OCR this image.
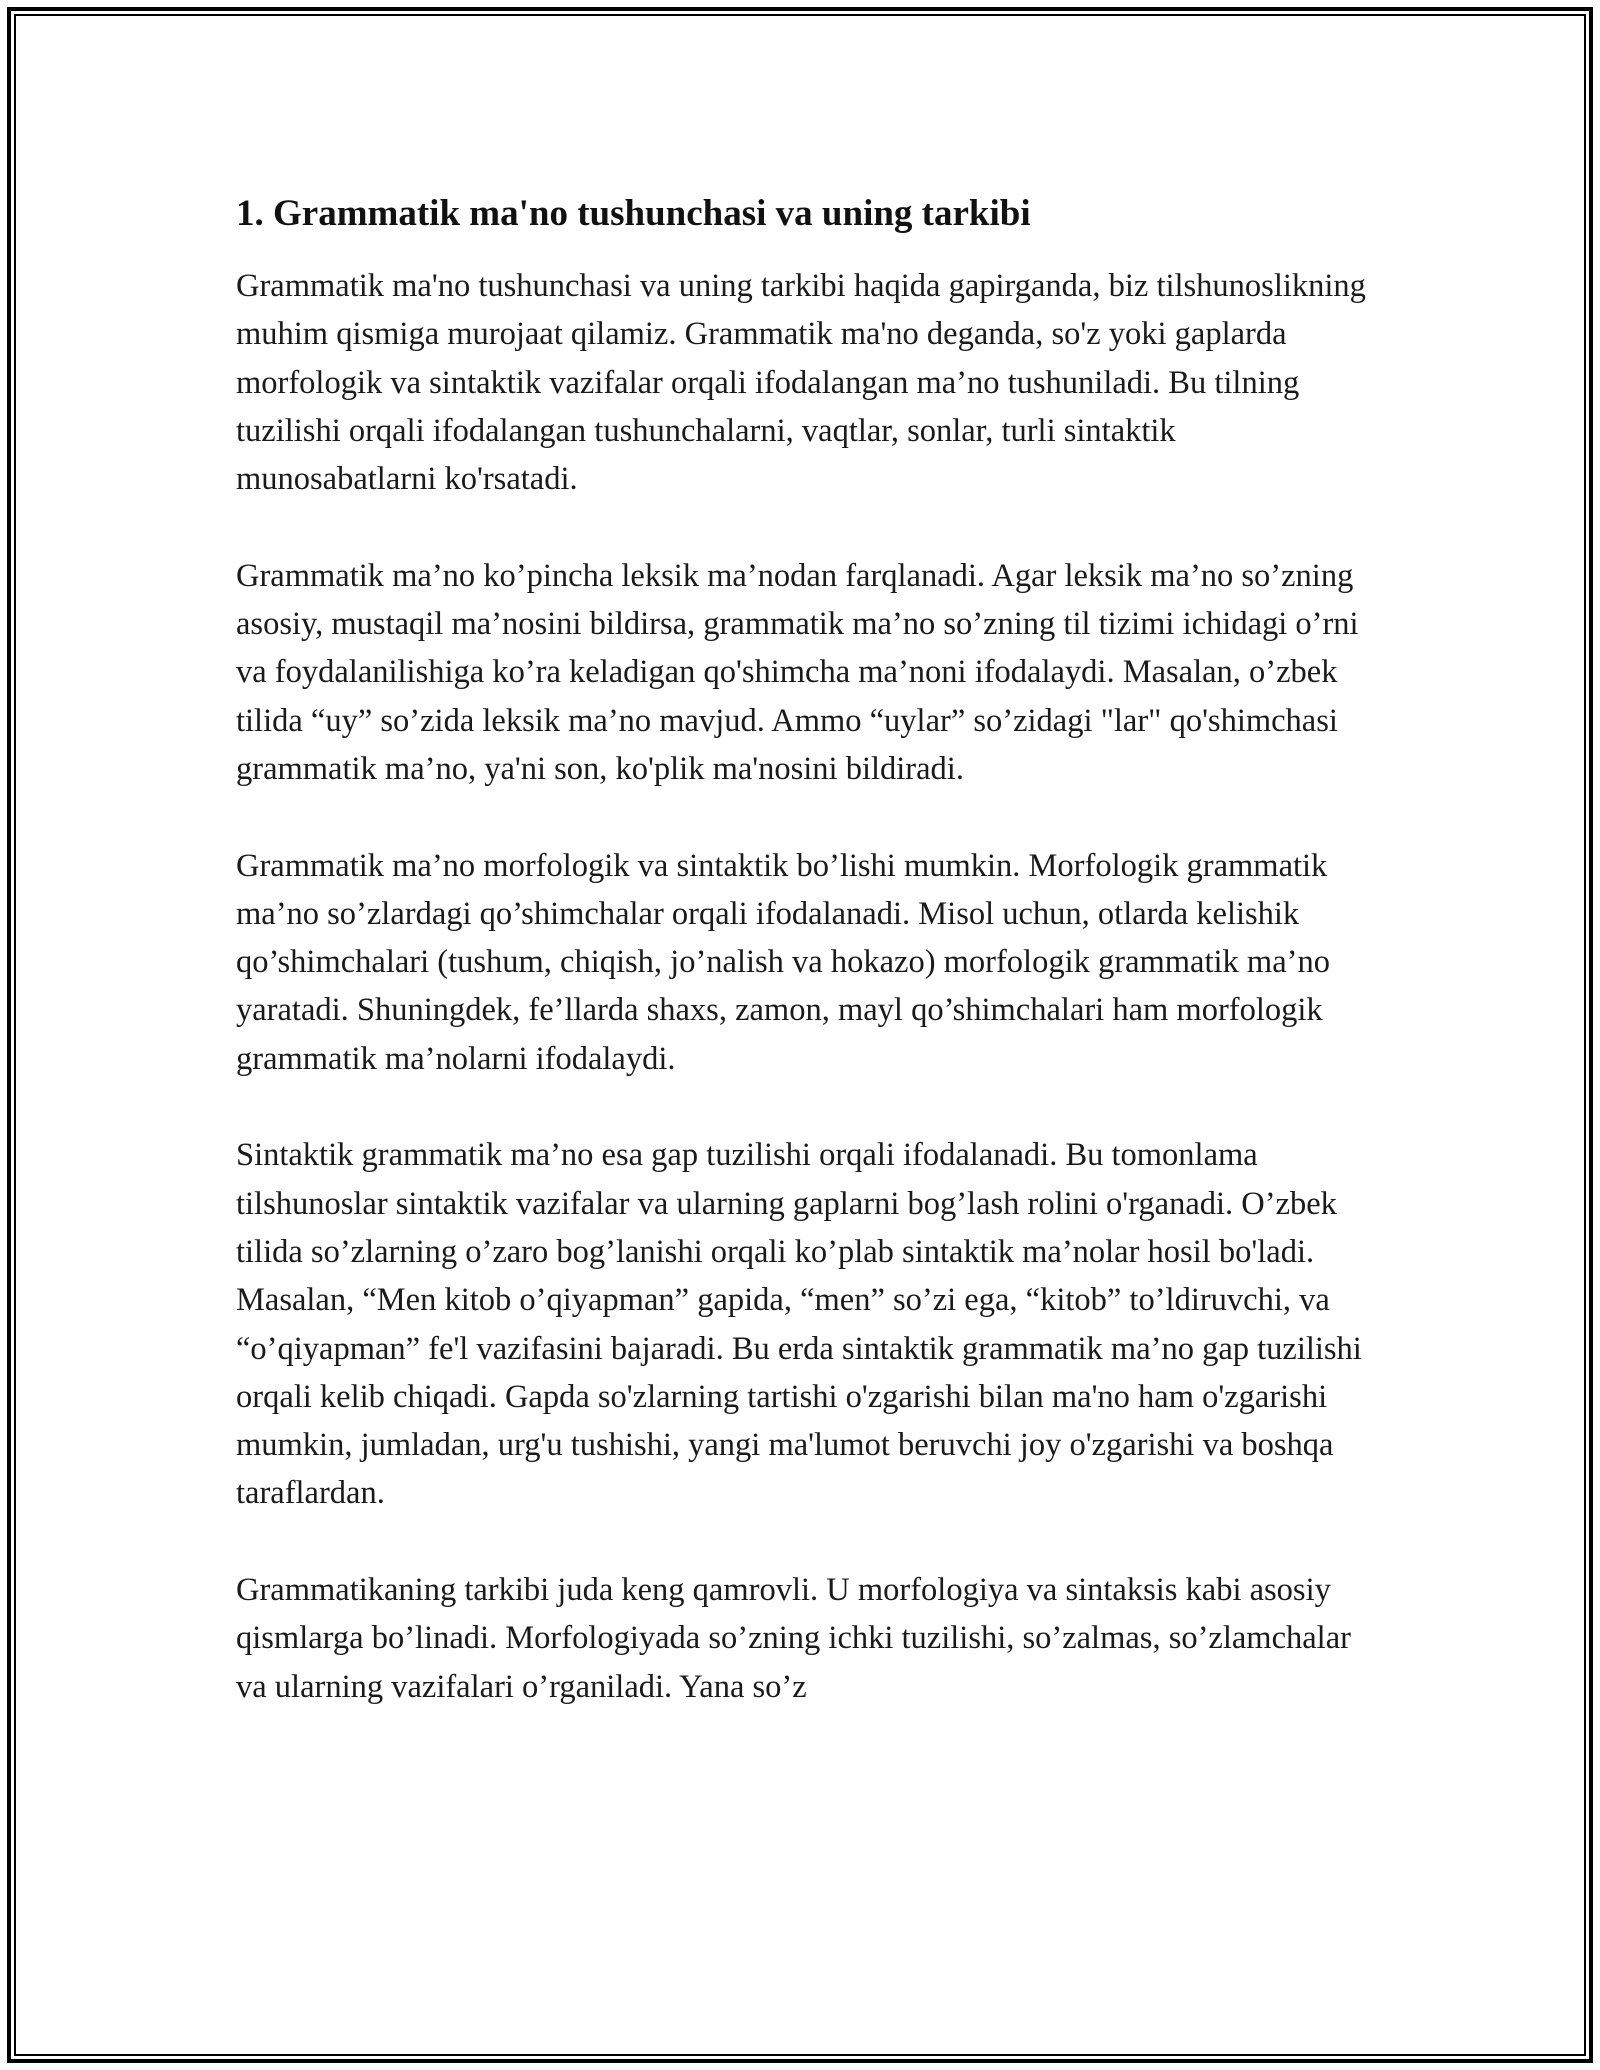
1. Grammatik ma'no tushunchasi va uning tarkibi

Grammatik ma'no tushunchasi va uning tarkibi haqida gapirganda, biz tilshunoslikning muhim qismiga murojaat qilamiz. Grammatik ma'no deganda, so'z yoki gaplarda morfologik va sintaktik vazifalar orqali ifodalangan ma’no tushuniladi. Bu tilning tuzilishi orqali ifodalangan tushunchalarni, vaqtlar, sonlar, turli sintaktik munosabatlarni ko'rsatadi.

Grammatik ma’no ko’pincha leksik ma’nodan farqlanadi. Agar leksik ma’no so’zning asosiy, mustaqil ma’nosini bildirsa, grammatik ma’no so’zning til tizimi ichidagi o’rni va foydalanilishiga ko’ra keladigan qo'shimcha ma’noni ifodalaydi. Masalan, o’zbek tilida “uy” so’zida leksik ma’no mavjud. Ammo “uylar” so’zidagi "lar" qo'shimchasi grammatik ma’no, ya'ni son, ko'plik ma'nosini bildiradi.

Grammatik ma’no morfologik va sintaktik bo’lishi mumkin. Morfologik grammatik ma’no so’zlardagi qo’shimchalar orqali ifodalanadi. Misol uchun, otlarda kelishik qo’shimchalari (tushum, chiqish, jo’nalish va hokazo) morfologik grammatik ma’no yaratadi. Shuningdek, fe’llarda shaxs, zamon, mayl qo’shimchalari ham morfologik grammatik ma’nolarni ifodalaydi.

Sintaktik grammatik ma’no esa gap tuzilishi orqali ifodalanadi. Bu tomonlama tilshunoslar sintaktik vazifalar va ularning gaplarni bog’lash rolini o'rganadi. O’zbek tilida so’zlarning o’zaro bog’lanishi orqali ko’plab sintaktik ma’nolar hosil bo'ladi. Masalan, “Men kitob o’qiyapman” gapida, “men” so’zi ega, “kitob” to’ldiruvchi, va “o’qiyapman” fe'l vazifasini bajaradi. Bu erda sintaktik grammatik ma’no gap tuzilishi orqali kelib chiqadi. Gapda so'zlarning tartishi o'zgarishi bilan ma'no ham o'zgarishi mumkin, jumladan, urg'u tushishi, yangi ma'lumot beruvchi joy o'zgarishi va boshqa taraflardan.

Grammatikaning tarkibi juda keng qamrovli. U morfologiya va sintaksis kabi asosiy qismlarga bo’linadi. Morfologiyada so’zning ichki tuzilishi, so’zalmas, so’zlamchalar va ularning vazifalari o’rganiladi. Yana so’z
